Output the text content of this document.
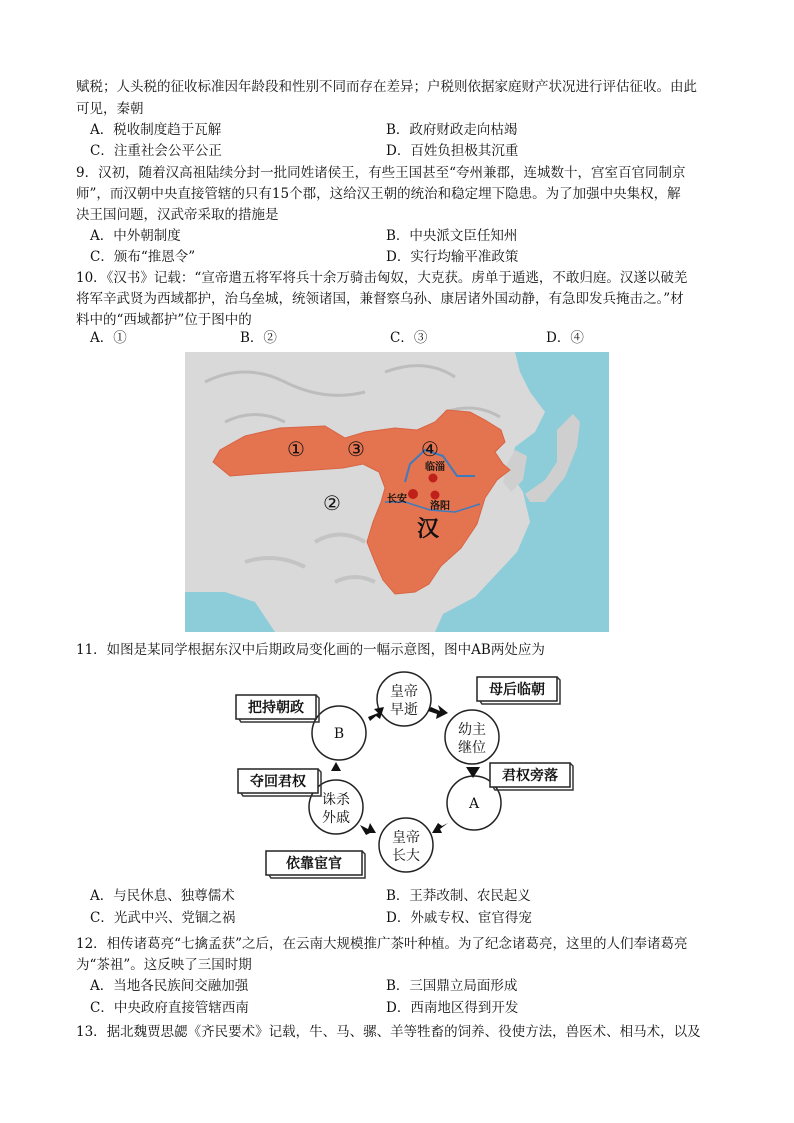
赋税；人头税的征收标准因年龄段和性别不同而存在差异；户税则依据家庭财产状况进行评估征收。由此
可见，秦朝
A．税收制度趋于瓦解	B．政府财政走向枯竭
C．注重社会公平公正	D．百姓负担极其沉重
9．汉初，随着汉高祖陆续分封一批同姓诸侯王，有些王国甚至“夸州兼郡，连城数十，宫室百官同制京
师”，而汉朝中央直接管辖的只有15个郡，这给汉王朝的统治和稳定埋下隐患。为了加强中央集权，解
决王国问题，汉武帝采取的措施是
A．中外朝制度	B．中央派文臣任知州
C．颁布“推恩令”	D．实行均输平准政策
10．《汉书》记载：“宣帝遣五将军将兵十余万骑击匈奴，大克获。虏单于遁逃，不敢归庭。汉遂以破羌
将军辛武贤为西域都护，治乌垒城，统领诸国，兼督察乌孙、康居诸外国动静，有急即发兵掩击之。”材
料中的“西域都护”位于图中的
A．①	B．②	C．③	D．④
①
②
③	④
临淄
长安
洛阳
汉
11．如图是某同学根据东汉中后期政局变化画的一幅示意图，图中AB两处应为
皇帝
早逝
幼主
继位
A
皇帝
长大
诛杀
外戚
B
母后临朝
君权旁落
依靠宦官
夺回君权
把持朝政
A．与民休息、独尊儒术	B．王莽改制、农民起义
C．光武中兴、党锢之祸	D．外戚专权、宦官得宠
12．相传诸葛亮“七擒孟获”之后，在云南大规模推广茶叶种植。为了纪念诸葛亮，这里的人们奉诸葛亮
为“茶祖”。这反映了三国时期
A．当地各民族间交融加强	B．三国鼎立局面形成
C．中央政府直接管辖西南	D．西南地区得到开发
13．据北魏贾思勰《齐民要术》记载，牛、马、骡、羊等牲畜的饲养、役使方法，兽医术、相马术，以及
